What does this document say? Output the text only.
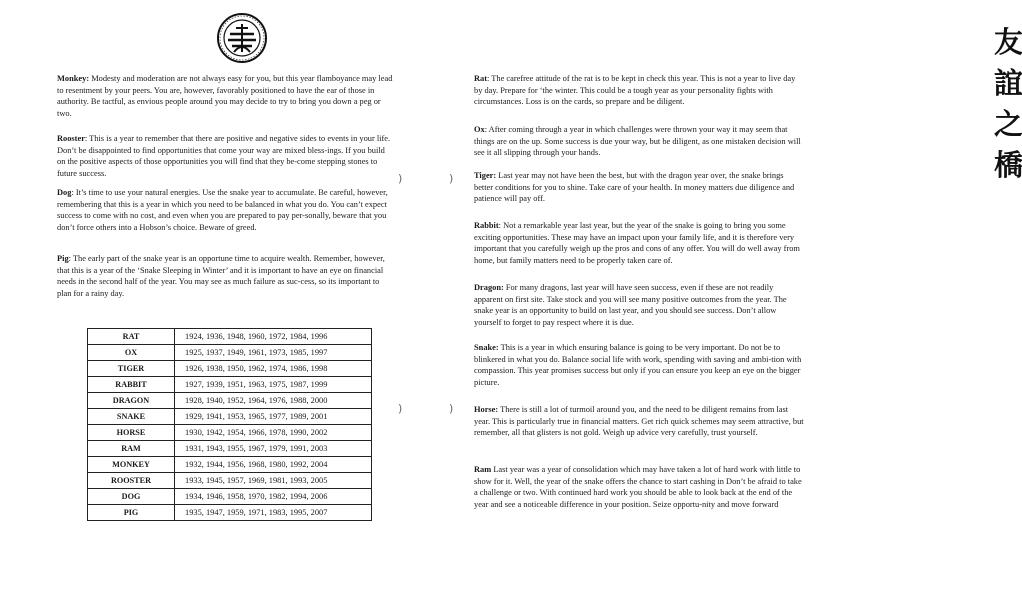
Monkey: Modesty and moderation are not always easy for you, but this year flamboyance may lead to resentment by your peers. You are, however, favorably positioned to have the ear of those in authority. Be tactful, as envious people around you may decide to try to bring you down a peg or two.

Rooster: This is a year to remember that there are positive and negative sides to events in your life. Don’t be disappointed to find opportunities that come your way are mixed bless-ings. If you build on the positive aspects of those opportunities you will find that they be-come stepping stones to future success.

Dog: It’s time to use your natural energies. Use the snake year to accumulate. Be careful, however, remembering that this is a year in which you need to be balanced in what you do. You can’t expect success to come with no cost, and even when you are prepared to pay per-sonally, beware that you don’t force others into a Hobson’s choice. Beware of greed.

Pig: The early part of the snake year is an opportune time to acquire wealth. Remember, however, that this is a year of the ‘Snake Sleeping in Winter’ and it is important to have an eye on financial needs in the second half of the year. You may see as much failure as suc-cess, so its important to plan for a rainy day.

)
)
RAT	1924, 1936, 1948, 1960, 1972, 1984, 1996
OX	1925, 1937, 1949, 1961, 1973, 1985, 1997
TIGER	1926, 1938, 1950, 1962, 1974, 1986, 1998
RABBIT	1927, 1939, 1951, 1963, 1975, 1987, 1999
DRAGON	1928, 1940, 1952, 1964, 1976, 1988, 2000
SNAKE	1929, 1941, 1953, 1965, 1977, 1989, 2001
HORSE	1930, 1942, 1954, 1966, 1978, 1990, 2002
RAM	1931, 1943, 1955, 1967, 1979, 1991, 2003
MONKEY	1932, 1944, 1956, 1968, 1980, 1992, 2004
ROOSTER	1933, 1945, 1957, 1969, 1981, 1993, 2005
DOG	1934, 1946, 1958, 1970, 1982, 1994, 2006
PIG	1935, 1947, 1959, 1971, 1983, 1995, 2007
友誼之橋
)
)

Rat: The carefree attitude of the rat is to be kept in check this year. This is not a year to live day by day. Prepare for ‘the winter. This could be a tough year as your personality fights with circumstances. Loss is on the cards, so prepare and be diligent.

Ox: After coming through a year in which challenges were thrown your way it may seem that things are on the up. Some success is due your way, but be diligent, as one mistaken decision will see it all slipping through your hands.

Tiger: Last year may not have been the best, but with the dragon year over, the snake brings better conditions for you to shine. Take care of your health. In money matters due diligence and patience will pay off.

Rabbit: Not a remarkable year last year, but the year of the snake is going to bring you some exciting opportunities. These may have an impact upon your family life, and it is therefore very important that you carefully weigh up the pros and cons of any offer. You will do well away from home, but family matters need to be properly taken care of.

Dragon: For many dragons, last year will have seen success, even if these are not readily apparent on first site. Take stock and you will see many positive outcomes from the year. The snake year is an opportunity to build on last year, and you should see success. Don’t allow yourself to forget to pay respect where it is due.

Snake: This is a year in which ensuring balance is going to be very important. Do not be to blinkered in what you do. Balance social life with work, spending with saving and ambi-tion with compassion. This year promises success but only if you can ensure you keep an eye on the bigger picture.

Horse: There is still a lot of turmoil around you, and the need to be diligent remains from last year. This is particularly true in financial matters. Get rich quick schemes may seem attractive, but remember, all that glisters is not gold. Weigh up advice very carefully, trust yourself.

Ram Last year was a year of consolidation which may have taken a lot of hard work with little to show for it. Well, the year of the snake offers the chance to start cashing in Don’t be afraid to take a challenge or two. With continued hard work you should be able to look back at the end of the year and see a noticeable difference in your position. Seize opportu-nity and move forward
